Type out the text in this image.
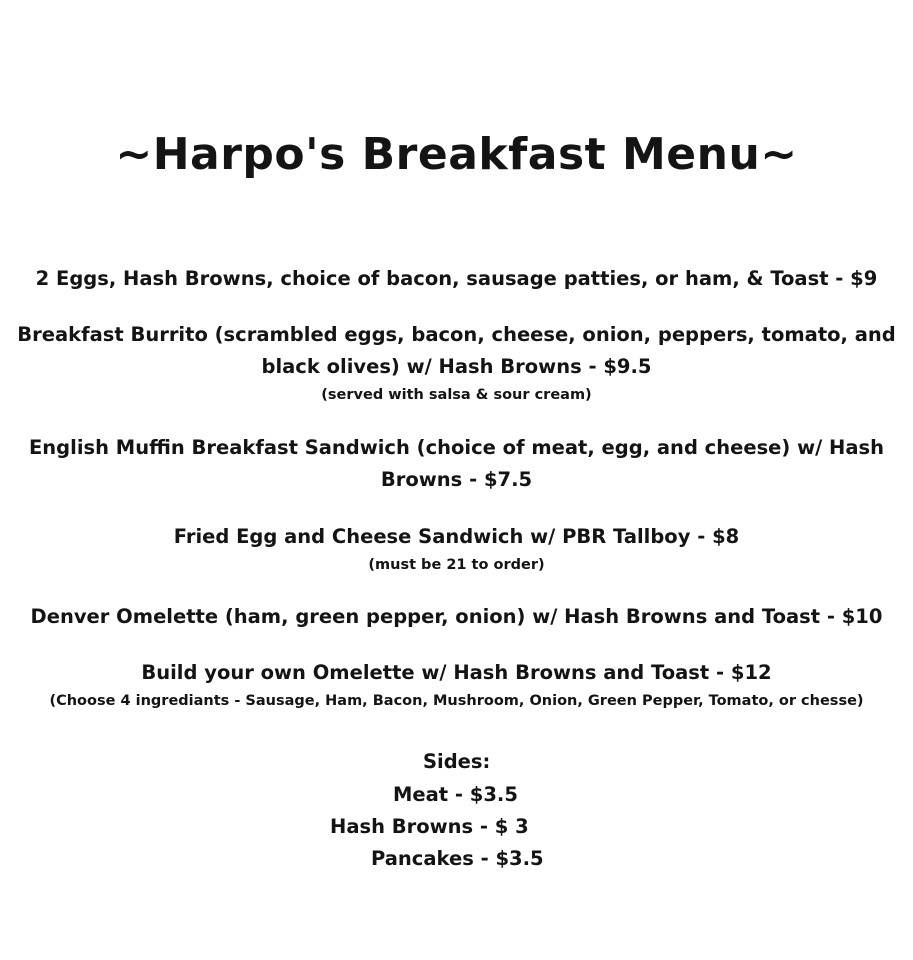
~Harpo's Breakfast Menu~
2 Eggs, Hash Browns, choice of bacon, sausage patties, or ham, & Toast - $9
Breakfast Burrito (scrambled eggs, bacon, cheese, onion, peppers, tomato, and
black olives) w/ Hash Browns - $9.5
(served with salsa & sour cream)
English Muffin Breakfast Sandwich (choice of meat, egg, and cheese) w/ Hash
Browns - $7.5
Fried Egg and Cheese Sandwich w/ PBR Tallboy - $8
(must be 21 to order)
Denver Omelette (ham, green pepper, onion) w/ Hash Browns and Toast - $10
Build your own Omelette w/ Hash Browns and Toast - $12
(Choose 4 ingrediants - Sausage, Ham, Bacon, Mushroom, Onion, Green Pepper, Tomato, or chesse)
Sides:
Meat - $3.5
Hash Browns - $ 3
Pancakes - $3.5
